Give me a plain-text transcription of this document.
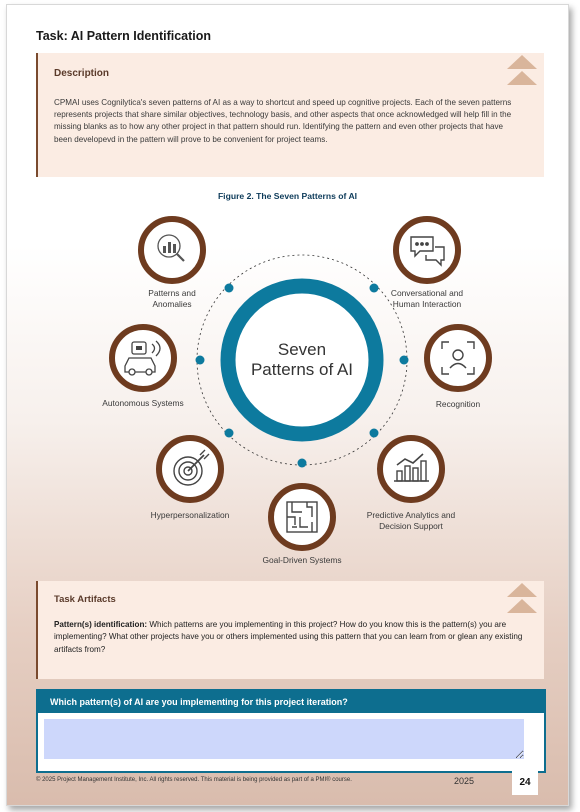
Task: AI Pattern Identification
Description
CPMAI uses Cognilytica's seven patterns of AI as a way to shortcut and speed up cognitive projects. Each of the seven patterns represents projects that share similar objectives, technology basis, and other aspects that once acknowledged will help fill in the missing blanks as to how any other project in that pattern should run. Identifying the pattern and even other projects that have been developevd in the pattern will prove to be convenient for project teams.
Figure 2. The Seven Patterns of AI
Seven
Patterns of AI
Patterns and
Anomalies
Conversational and
Human Interaction
Autonomous Systems	Recognition
Hyperpersonalization	Predictive Analytics and
Decision Support
Goal-Driven Systems
Task Artifacts
Pattern(s) identification: Which patterns are you implementing in this project? How do you know this is the pattern(s) you are implementing? What other projects have you or others implemented using this pattern that you can learn from or glean any existing artifacts from?
Which pattern(s) of AI are you implementing for this project iteration?
© 2025 Project Management Institute, Inc. All rights reserved. This material is being provided as part of a PMI® course.	2025	24
